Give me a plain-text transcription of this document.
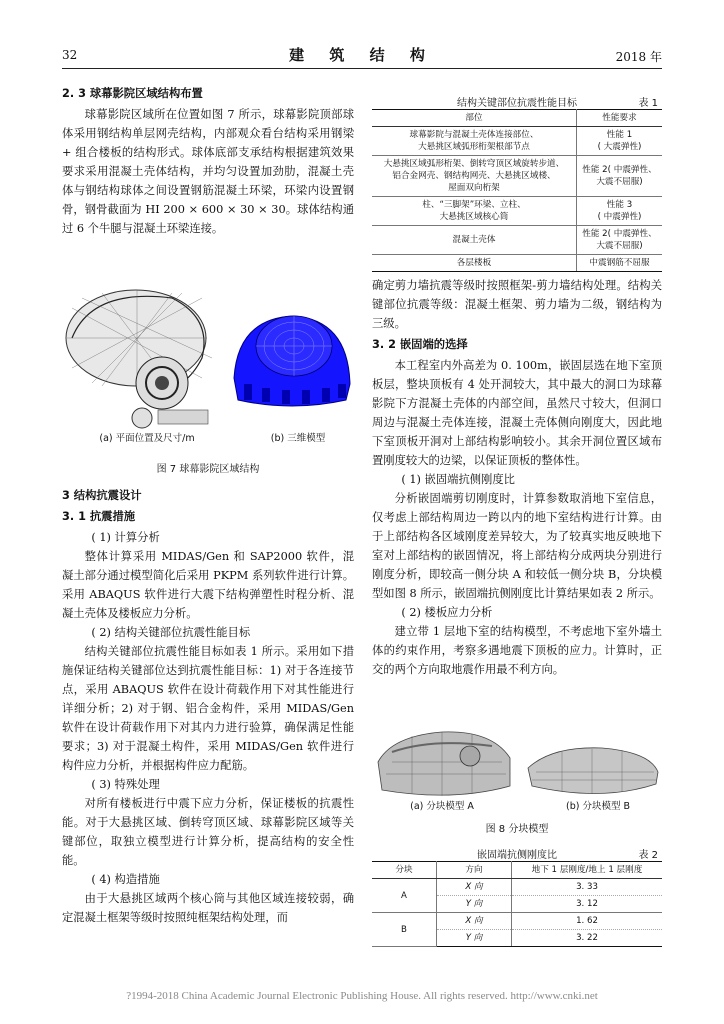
32	建 筑 结 构	2018 年
2. 3 球幕影院区域结构布置

球幕影院区域所在位置如图 7 所示，球幕影院顶部球体采用钢结构单层网壳结构，内部观众看台结构采用钢梁 + 组合楼板的结构形式。球体底部支承结构根据建筑效果要求采用混凝土壳体结构，并均匀设置加劲肋，混凝土壳体与钢结构球体之间设置钢筋混凝土环梁，环梁内设置钢骨，钢骨截面为 HI 200 × 600 × 30 × 30。球体结构通过 6 个牛腿与混凝土环梁连接。

(a) 平面位置及尺寸/m	(b) 三维模型
图 7 球幕影院区域结构
3 结构抗震设计
3. 1 抗震措施

( 1) 计算分析

整体计算采用 MIDAS/Gen 和 SAP2000 软件，混凝土部分通过模型简化后采用 PKPM 系列软件进行计算。采用 ABAQUS 软件进行大震下结构弹塑性时程分析、混凝土壳体及楼板应力分析。

( 2) 结构关键部位抗震性能目标

结构关键部位抗震性能目标如表 1 所示。采用如下措施保证结构关键部位达到抗震性能目标：1) 对于各连接节点，采用 ABAQUS 软件在设计荷载作用下对其性能进行详细分析；2) 对于钢、铝合金构件，采用 MIDAS/Gen 软件在设计荷载作用下对其内力进行验算，确保满足性能要求；3) 对于混凝土构件，采用 MIDAS/Gen 软件进行构件应力分析，并根据构件应力配筋。

( 3) 特殊处理

对所有楼板进行中震下应力分析，保证楼板的抗震性能。对于大悬挑区域、倒转穹顶区域、球幕影院区域等关键部位，取独立模型进行计算分析，提高结构的安全性能。

( 4) 构造措施

由于大悬挑区域两个核心筒与其他区域连接较弱，确定混凝土框架等级时按照纯框架结构处理，而

结构关键部位抗震性能目标	表 1
部位	性能要求
球幕影院与混凝土壳体连接部位、
大悬挑区域弧形桁架根部节点	性能 1
( 大震弹性)
大悬挑区域弧形桁架、倒转穹顶区域旋转步道、
铝合金网壳、钢结构网壳、大悬挑区域楼、
屋面双向桁架	性能 2( 中震弹性、
大震不屈服)
柱、“三脚架”环梁、立柱、
大悬挑区域核心筒	性能 3
( 中震弹性)
混凝土壳体	性能 2( 中震弹性、
大震不屈服)
各层楼板	中震钢筋不屈服

确定剪力墙抗震等级时按照框架-剪力墙结构处理。结构关键部位抗震等级：混凝土框架、剪力墙为二级，钢结构为三级。

3. 2 嵌固端的选择

本工程室内外高差为 0. 100m，嵌固层选在地下室顶板层，整块顶板有 4 处开洞较大，其中最大的洞口为球幕影院下方混凝土壳体的内部空间，虽然尺寸较大，但洞口周边与混凝土壳体连接，混凝土壳体侧向刚度大，因此地下室顶板开洞对上部结构影响较小。其余开洞位置区域布置刚度较大的边梁，以保证顶板的整体性。

( 1) 嵌固端抗侧刚度比

分析嵌固端剪切刚度时，计算参数取消地下室信息，仅考虑上部结构周边一跨以内的地下室结构进行计算。由于上部结构各区域刚度差异较大，为了较真实地反映地下室对上部结构的嵌固情况，将上部结构分成两块分别进行刚度分析，即较高一侧分块 A 和较低一侧分块 B，分块模型如图 8 所示，嵌固端抗侧刚度比计算结果如表 2 所示。

( 2) 楼板应力分析

建立带 1 层地下室的结构模型，不考虑地下室外墙土体的约束作用，考察多遇地震下顶板的应力。计算时，正交的两个方向取地震作用最不利方向。

(a) 分块模型 A	(b) 分块模型 B
图 8 分块模型
嵌固端抗侧刚度比	表 2
分块	方向	地下 1 层刚度/地上 1 层刚度
A	X 向	3. 33
	Y 向	3. 12
B	X 向	1. 62
	Y 向	3. 22
?1994-2018 China Academic Journal Electronic Publishing House. All rights reserved. http://www.cnki.net
